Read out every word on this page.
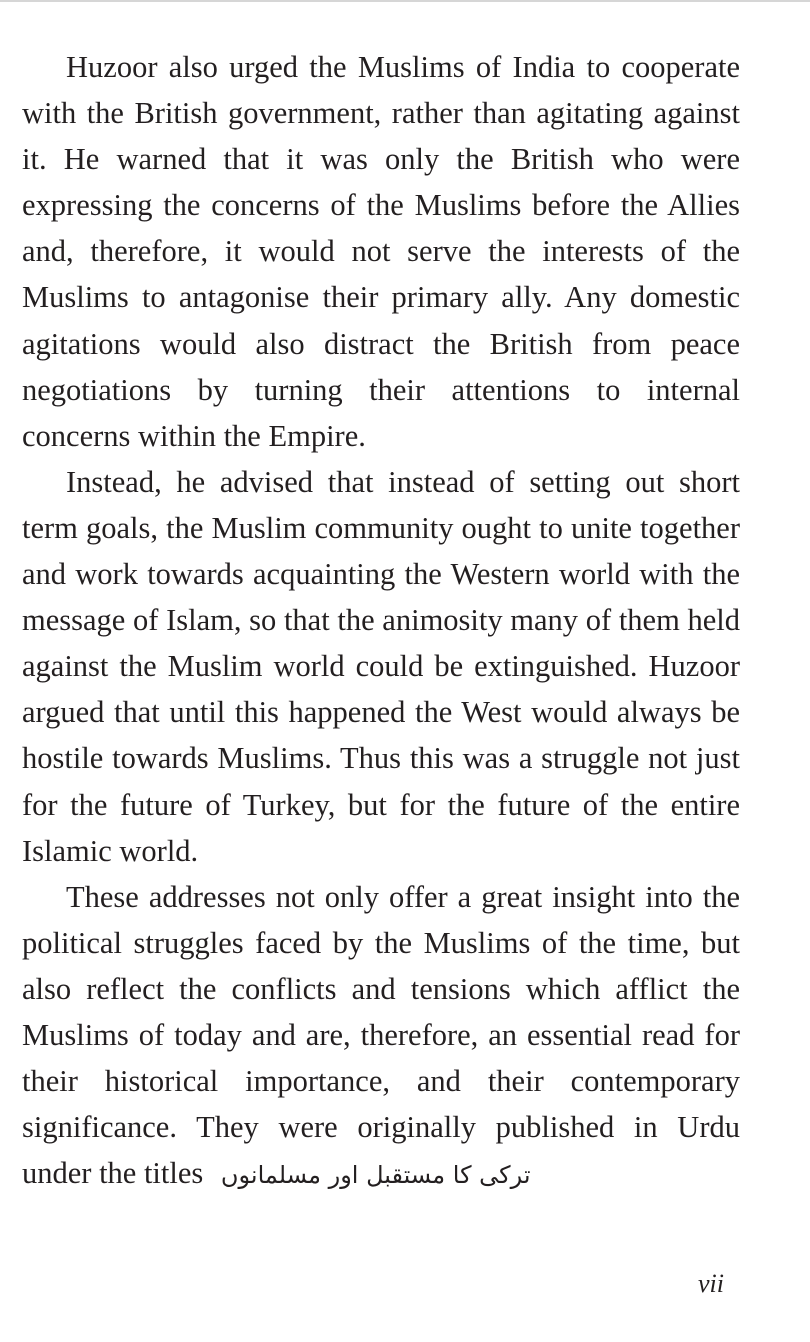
Huzoor also urged the Muslims of India to cooperate with the British government, rather than agitating against it. He warned that it was only the British who were expressing the concerns of the Muslims before the Allies and, therefore, it would not serve the interests of the Muslims to antagonise their primary ally. Any domestic agitations would also distract the British from peace negotiations by turning their attentions to internal concerns within the Empire.

Instead, he advised that instead of setting out short term goals, the Muslim community ought to unite together and work towards acquainting the Western world with the message of Islam, so that the animosity many of them held against the Muslim world could be extinguished. Huzoor argued that until this happened the West would always be hostile towards Muslims. Thus this was a struggle not just for the future of Turkey, but for the future of the entire Islamic world.

These addresses not only offer a great insight into the political struggles faced by the Muslims of the time, but also reflect the conflicts and tensions which afflict the Muslims of today and are, therefore, an essential read for their historical importance, and their contemporary significance. They were originally published in Urdu under the titles ترکی کا مستقبل اور مسلمانوں

vii
